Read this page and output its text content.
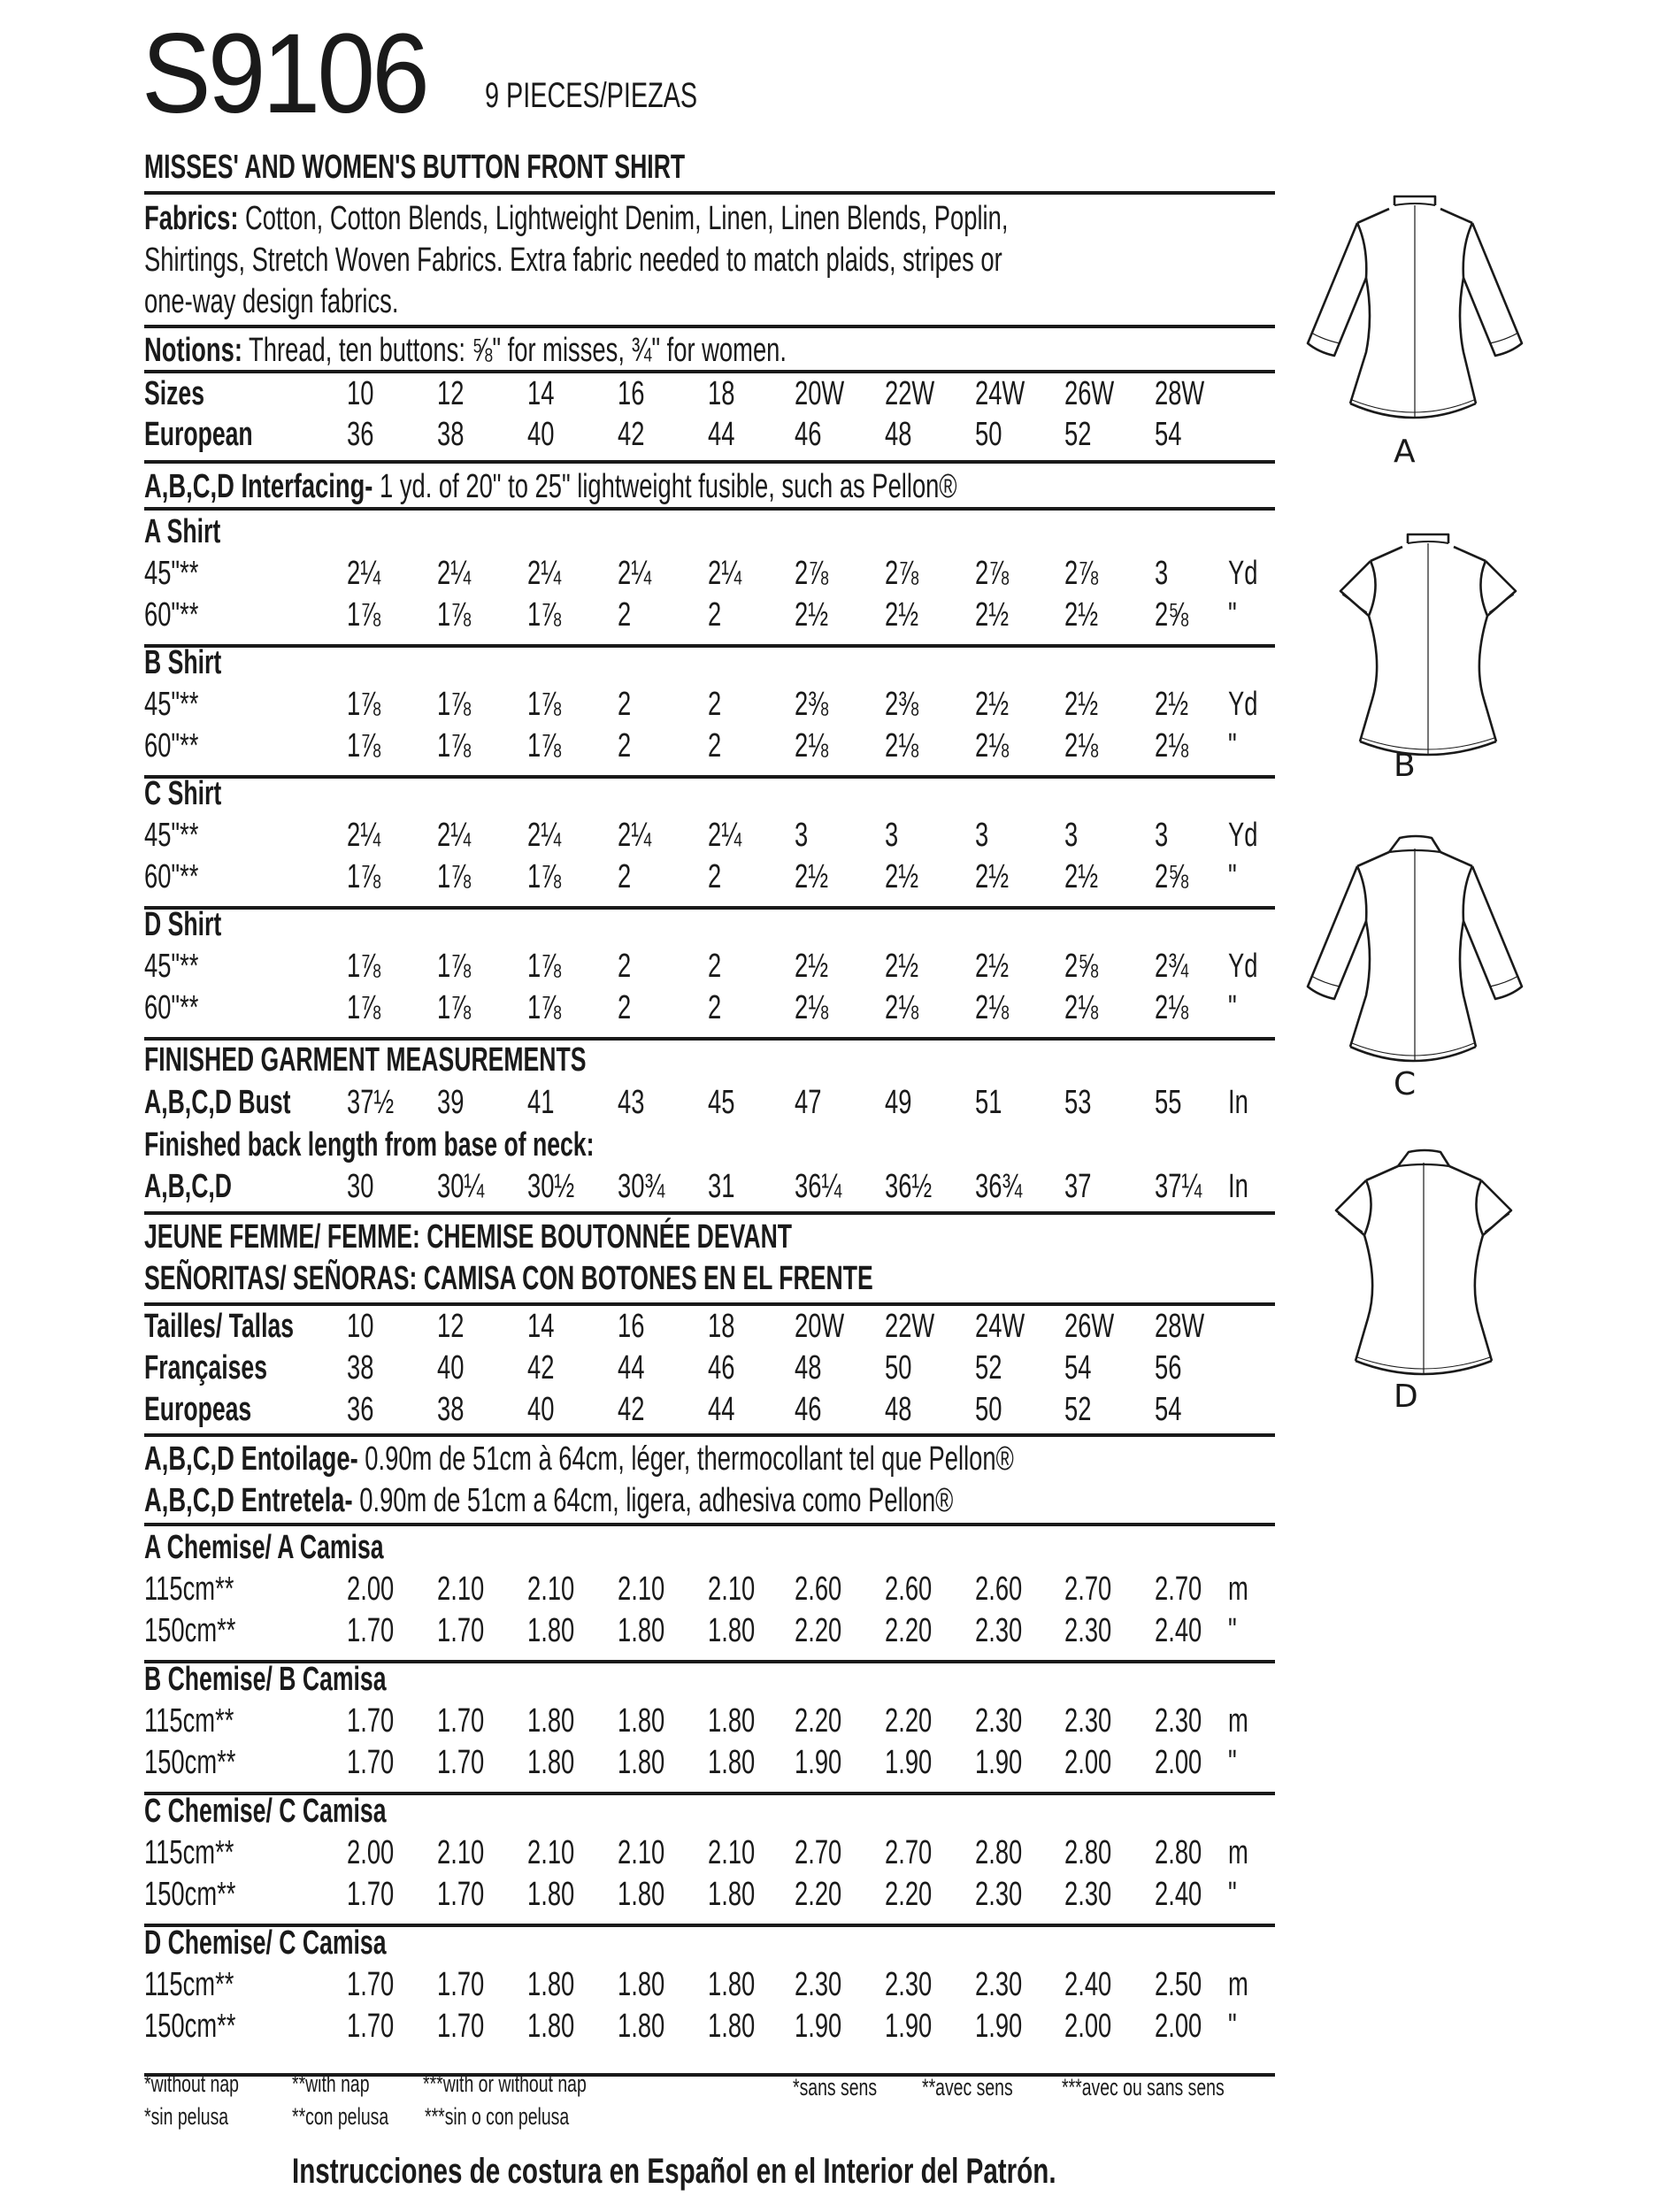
S9106 9 PIECES/PIEZAS
MISSES' AND WOMEN'S BUTTON FRONT SHIRT
Fabrics: Cotton, Cotton Blends, Lightweight Denim, Linen, Linen Blends, Poplin,
Shirtings, Stretch Woven Fabrics. Extra fabric needed to match plaids, stripes or
one-way design fabrics.
Notions: Thread, ten buttons: ⅝" for misses, ¾" for women.
Sizes	10 12 14 16 18 20W 22W 24W 26W 28W
European	36 38 40 42 44 46 48 50 52 54
A,B,C,D Interfacing- 1 yd. of 20" to 25" lightweight fusible, such as Pellon®
A Shirt
45"**	2¼ 2¼ 2¼ 2¼ 2¼ 2⅞ 2⅞ 2⅞ 2⅞ 3 Yd
60"**	1⅞ 1⅞ 1⅞ 2 2 2½ 2½ 2½ 2½ 2⅝ "
B Shirt
45"**	1⅞ 1⅞ 1⅞ 2 2 2⅜ 2⅜ 2½ 2½ 2½ Yd
60"**	1⅞ 1⅞ 1⅞ 2 2 2⅛ 2⅛ 2⅛ 2⅛ 2⅛ "
C Shirt
45"**	2¼ 2¼ 2¼ 2¼ 2¼ 3 3 3 3 3 Yd
60"**	1⅞ 1⅞ 1⅞ 2 2 2½ 2½ 2½ 2½ 2⅝ "
D Shirt
45"**	1⅞ 1⅞ 1⅞ 2 2 2½ 2½ 2½ 2⅝ 2¾ Yd
60"**	1⅞ 1⅞ 1⅞ 2 2 2⅛ 2⅛ 2⅛ 2⅛ 2⅛ "
FINISHED GARMENT MEASUREMENTS
A,B,C,D Bust 37½ 39 41 43 45 47 49 51 53 55 In
Finished back length from base of neck:
A,B,C,D	30 30¼ 30½ 30¾ 31 36¼ 36½ 36¾ 37 37¼ In
JEUNE FEMME/ FEMME: CHEMISE BOUTONNÉE DEVANT
SEÑORITAS/ SEÑORAS: CAMISA CON BOTONES EN EL FRENTE
Tailles/ Tallas 10 12 14 16 18 20W 22W 24W 26W 28W
Françaises 38 40 42 44 46 48 50 52 54 56
Europeas	36 38 40 42 44 46 48 50 52 54
A,B,C,D Entoilage- 0.90m de 51cm à 64cm, léger, thermocollant tel que Pellon®
A,B,C,D Entretela- 0.90m de 51cm a 64cm, ligera, adhesiva como Pellon®
A Chemise/ A Camisa
115cm**	2.00 2.10 2.10 2.10 2.10 2.60 2.60 2.60 2.70 2.70 m
150cm**	1.70 1.70 1.80 1.80 1.80 2.20 2.20 2.30 2.30 2.40 "
B Chemise/ B Camisa
115cm**	1.70 1.70 1.80 1.80 1.80 2.20 2.20 2.30 2.30 2.30 m
150cm**	1.70 1.70 1.80 1.80 1.80 1.90 1.90 1.90 2.00 2.00 "
C Chemise/ C Camisa
115cm**	2.00 2.10 2.10 2.10 2.10 2.70 2.70 2.80 2.80 2.80 m
150cm**	1.70 1.70 1.80 1.80 1.80 2.20 2.20 2.30 2.30 2.40 "
D Chemise/ C Camisa
115cm**	1.70 1.70 1.80 1.80 1.80 2.30 2.30 2.30 2.40 2.50 m
150cm**	1.70 1.70 1.80 1.80 1.80 1.90 1.90 1.90 2.00 2.00 "
*without nap **with nap ***with or without nap
*sin pelusa	**con pelusa ***sin o con pelusa
*sans sens **avec sens ***avec ou sans sens
Instrucciones de costura en Español en el Interior del Patrón.
A
B
C
D
